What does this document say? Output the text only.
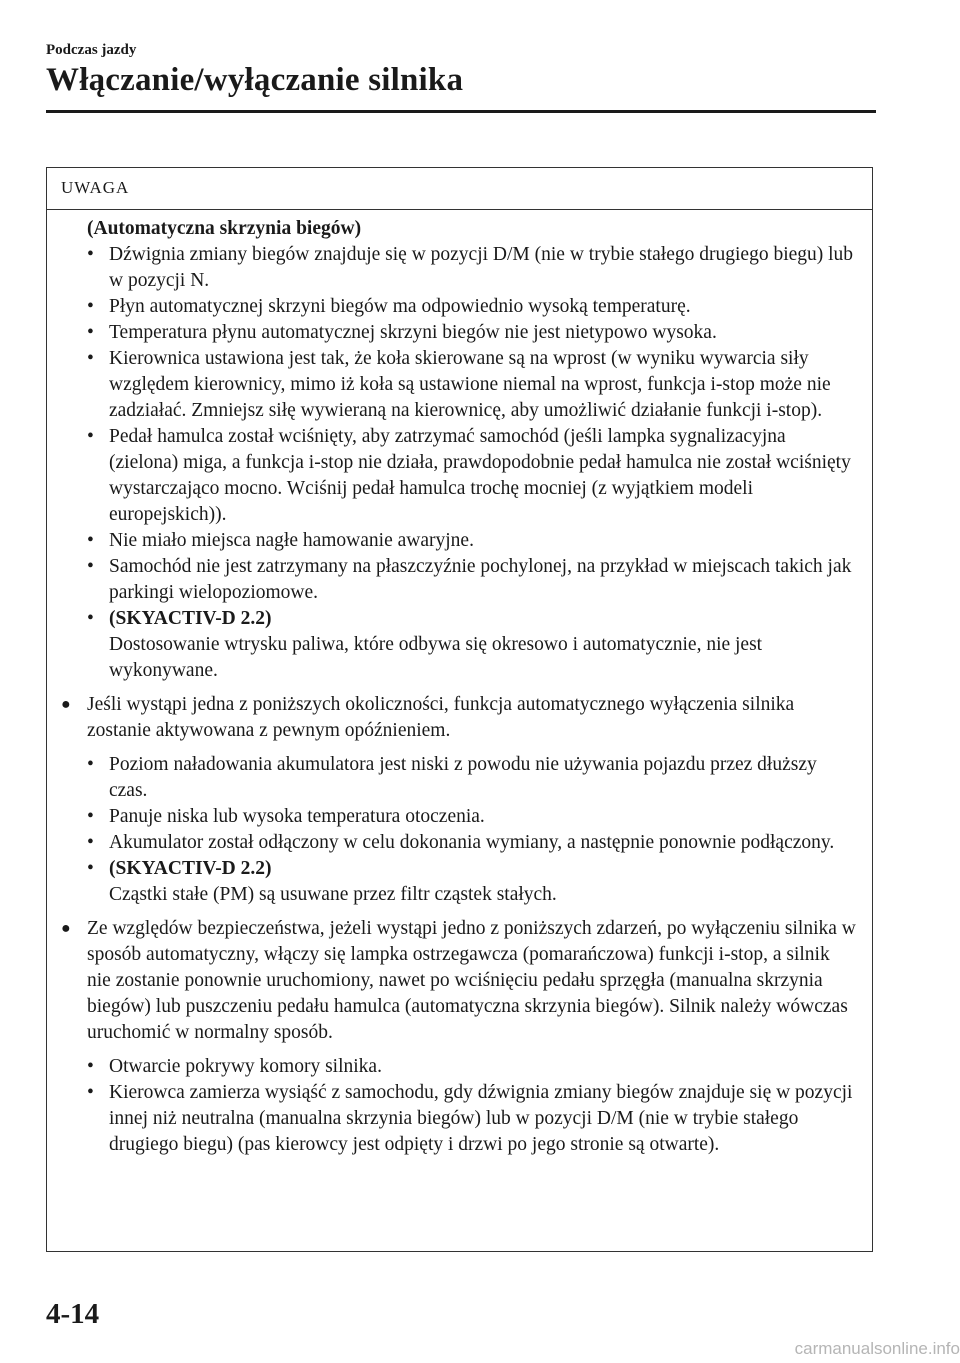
Podczas jazdy
Włączanie/wyłączanie silnika
UWAGA
(Automatyczna skrzynia biegów)
• Dźwignia zmiany biegów znajduje się w pozycji D/M (nie w trybie stałego drugiego biegu) lub w pozycji N.
• Płyn automatycznej skrzyni biegów ma odpowiednio wysoką temperaturę.
• Temperatura płynu automatycznej skrzyni biegów nie jest nietypowo wysoka.
• Kierownica ustawiona jest tak, że koła skierowane są na wprost (w wyniku wywarcia siły względem kierownicy, mimo iż koła są ustawione niemal na wprost, funkcja i-stop może nie zadziałać. Zmniejsz siłę wywieraną na kierownicę, aby umożliwić działanie funkcji i-stop).
• Pedał hamulca został wciśnięty, aby zatrzymać samochód (jeśli lampka sygnalizacyjna (zielona) miga, a funkcja i-stop nie działa, prawdopodobnie pedał hamulca nie został wciśnięty wystarczająco mocno. Wciśnij pedał hamulca trochę mocniej (z wyjątkiem modeli europejskich)).
• Nie miało miejsca nagłe hamowanie awaryjne.
• Samochód nie jest zatrzymany na płaszczyźnie pochylonej, na przykład w miejscach takich jak parkingi wielopoziomowe.
• (SKYACTIV-D 2.2)
Dostosowanie wtrysku paliwa, które odbywa się okresowo i automatycznie, nie jest wykonywane.
● Jeśli wystąpi jedna z poniższych okoliczności, funkcja automatycznego wyłączenia silnika zostanie aktywowana z pewnym opóźnieniem.
• Poziom naładowania akumulatora jest niski z powodu nie używania pojazdu przez dłuższy czas.
• Panuje niska lub wysoka temperatura otoczenia.
• Akumulator został odłączony w celu dokonania wymiany, a następnie ponownie podłączony.
• (SKYACTIV-D 2.2)
Cząstki stałe (PM) są usuwane przez filtr cząstek stałych.
● Ze względów bezpieczeństwa, jeżeli wystąpi jedno z poniższych zdarzeń, po wyłączeniu silnika w sposób automatyczny, włączy się lampka ostrzegawcza (pomarańczowa) funkcji i-stop, a silnik nie zostanie ponownie uruchomiony, nawet po wciśnięciu pedału sprzęgła (manualna skrzynia biegów) lub puszczeniu pedału hamulca (automatyczna skrzynia biegów). Silnik należy wówczas uruchomić w normalny sposób.
• Otwarcie pokrywy komory silnika.
• Kierowca zamierza wysiąść z samochodu, gdy dźwignia zmiany biegów znajduje się w pozycji innej niż neutralna (manualna skrzynia biegów) lub w pozycji D/M (nie w trybie stałego drugiego biegu) (pas kierowcy jest odpięty i drzwi po jego stronie są otwarte).
4-14
carmanualsonline.info
